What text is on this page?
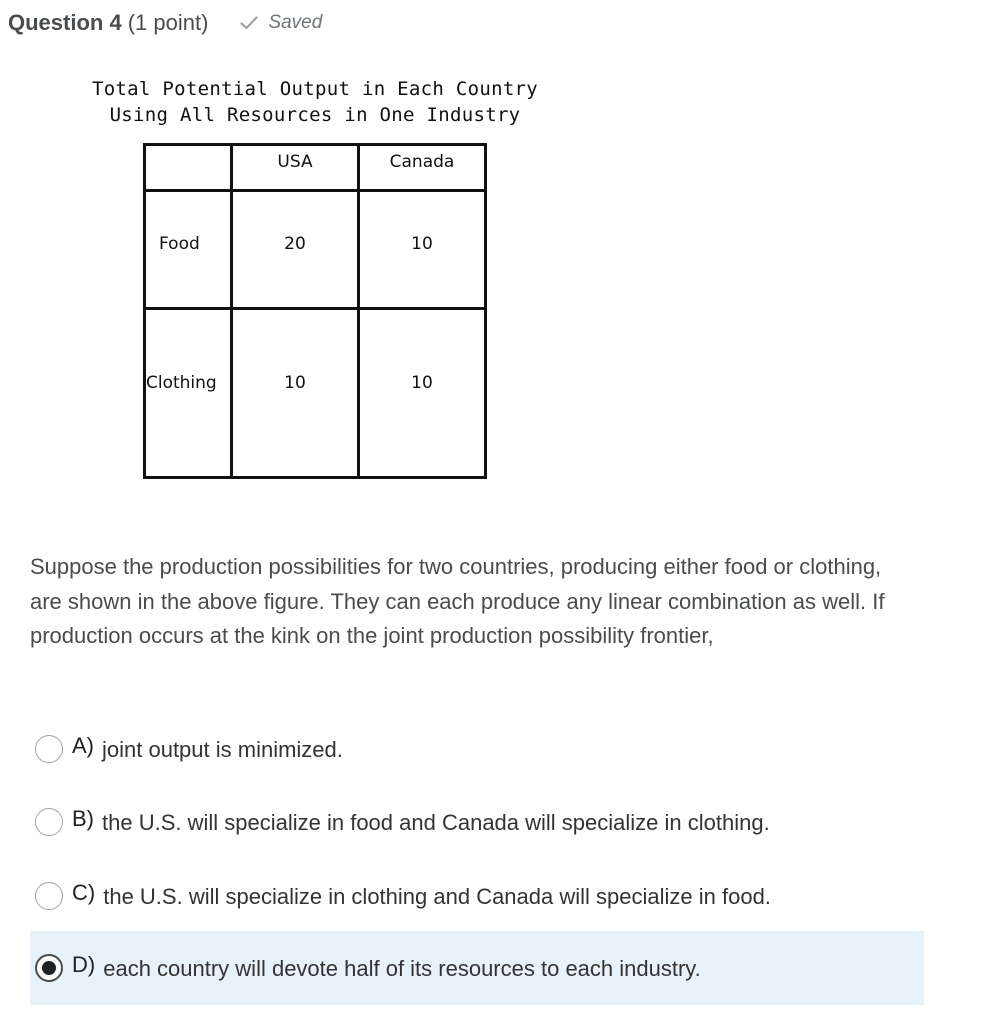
Question 4 (1 point)	Saved
Total Potential Output in Each Country
Using All Resources in One Industry
	USA	Canada
Food	20	10
Clothing	10	10
Suppose the production possibilities for two countries, producing either food or clothing, are shown in the above figure. They can each produce any linear combination as well. If production occurs at the kink on the joint production possibility frontier,
A) joint output is minimized.
B) the U.S. will specialize in food and Canada will specialize in clothing.
C) the U.S. will specialize in clothing and Canada will specialize in food.
D) each country will devote half of its resources to each industry.
